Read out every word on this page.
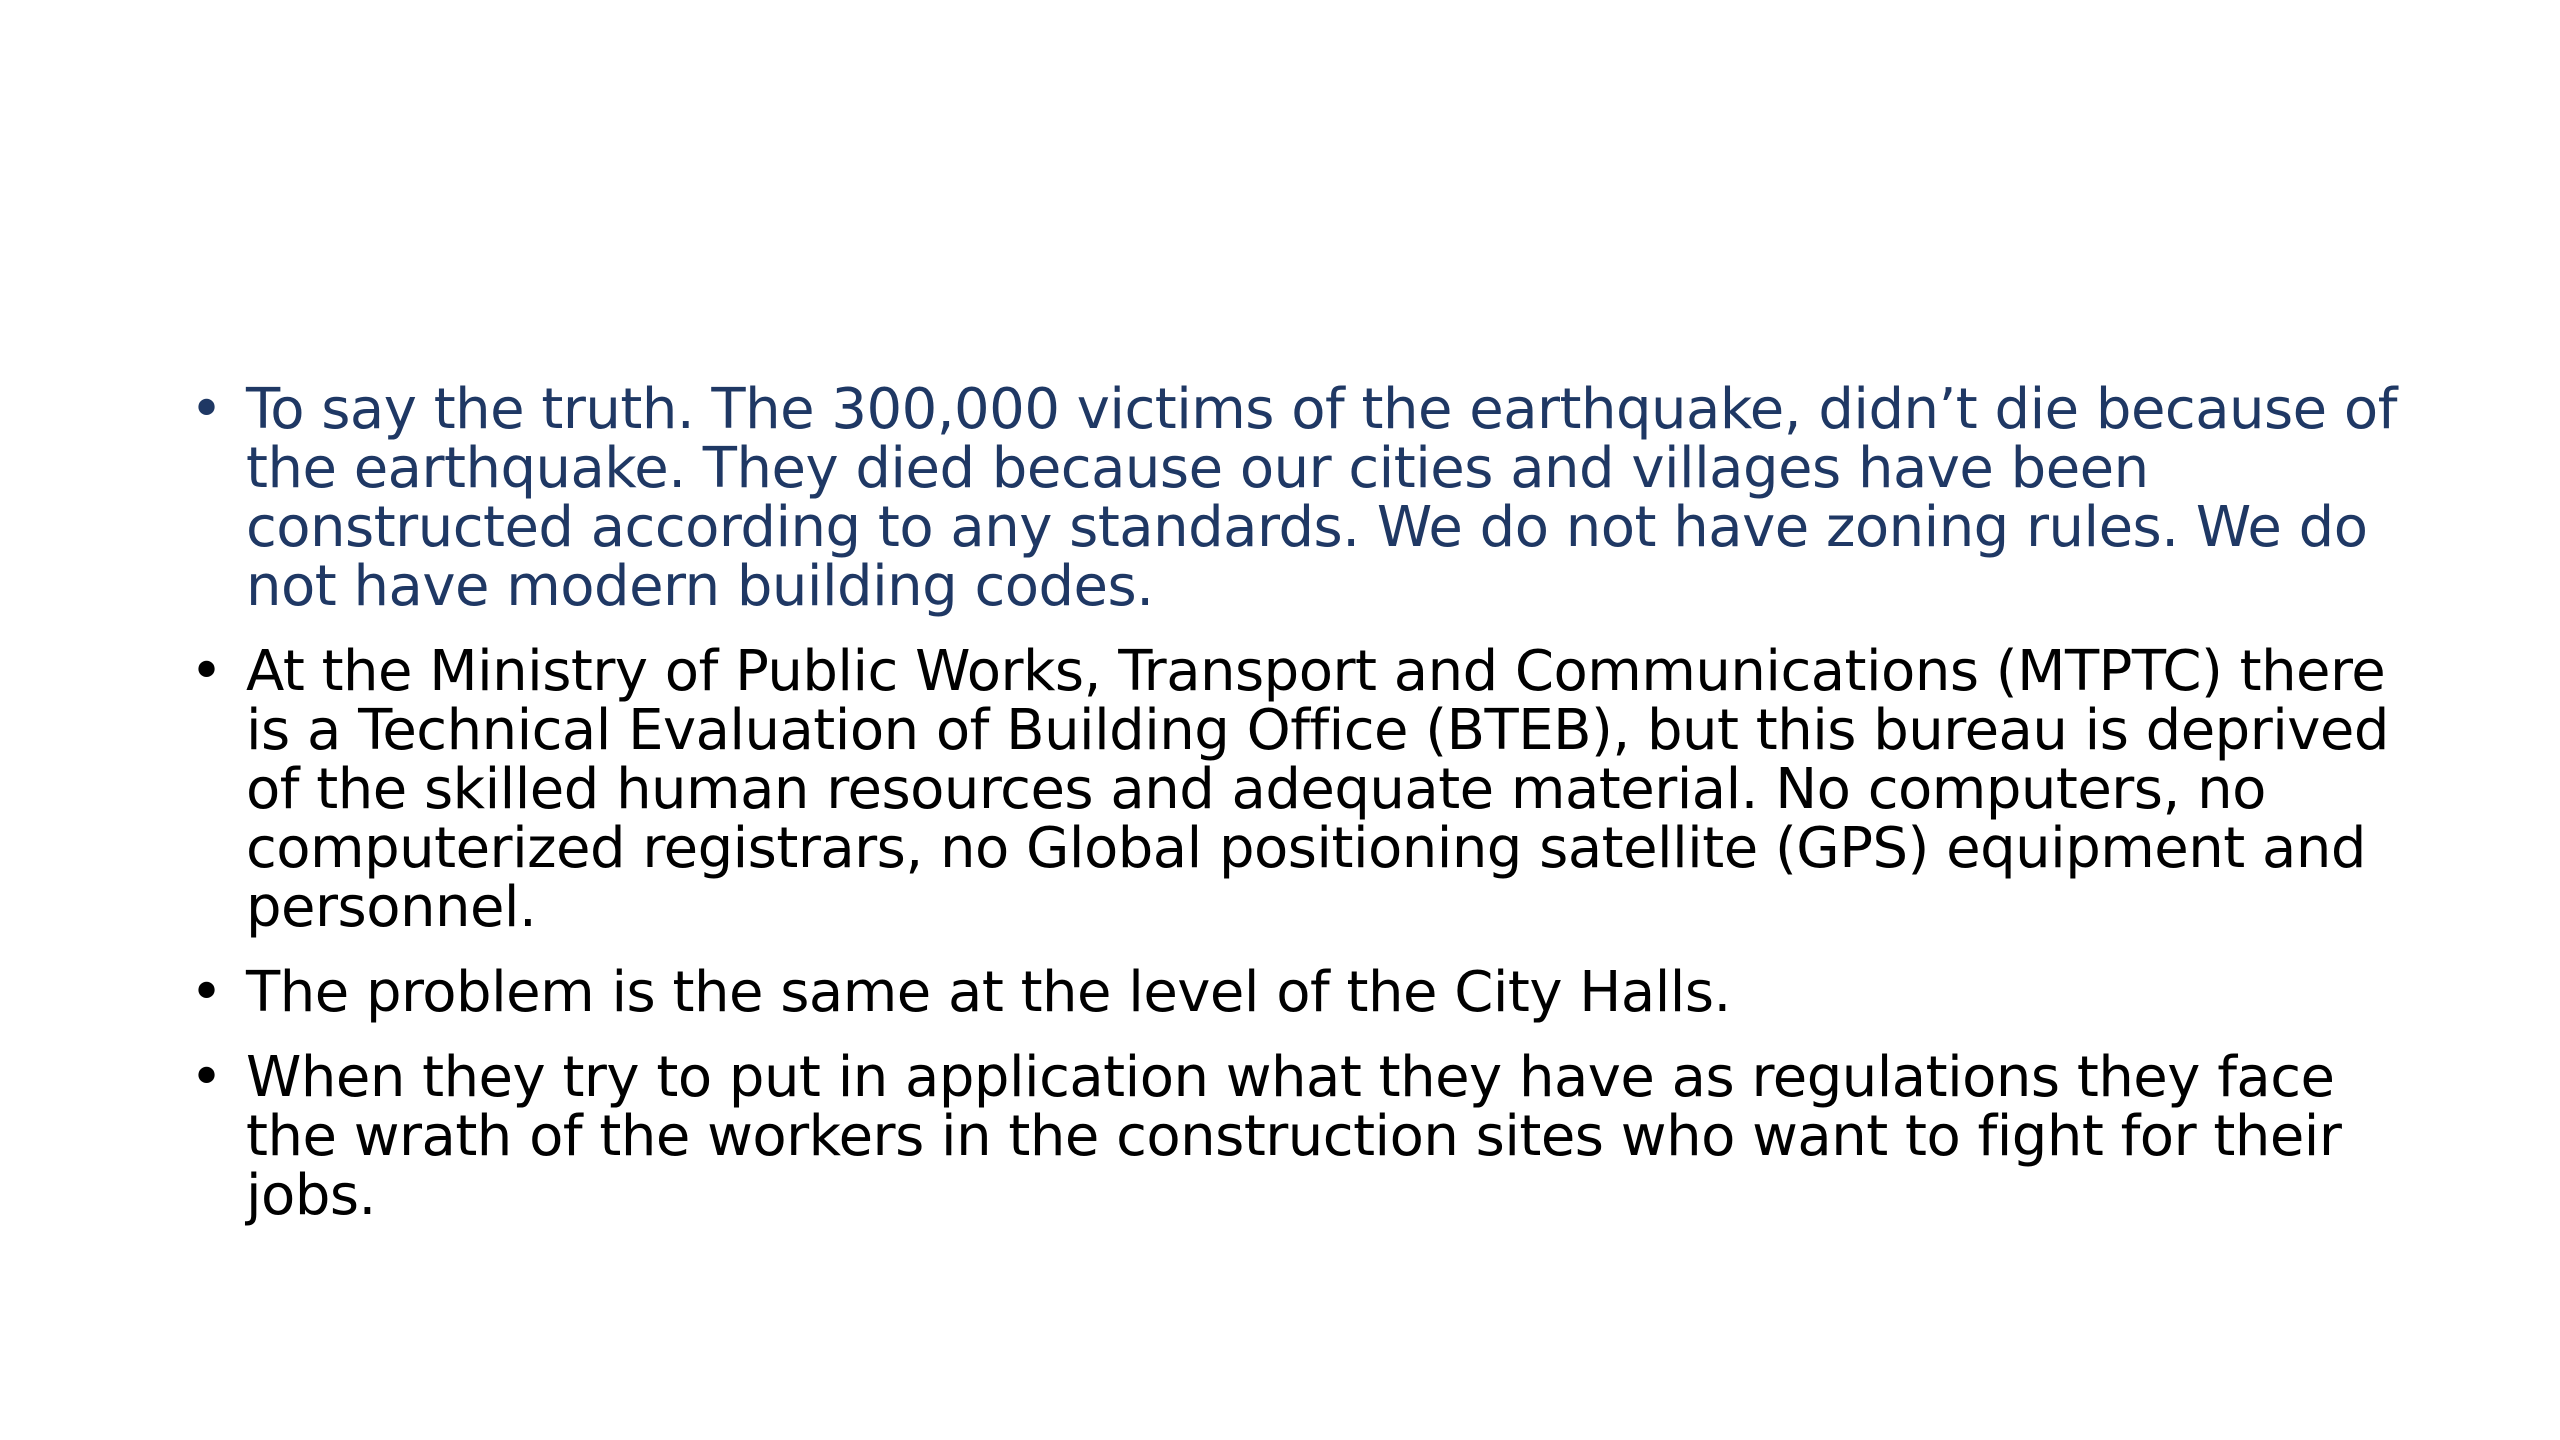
• To say the truth. The 300,000 victims of the earthquake, didn’t die because of the earthquake. They died because our cities and villages have been constructed according to any standards. We do not have zoning rules. We do not have modern building codes.
• At the Ministry of Public Works, Transport and Communications (MTPTC) there is a Technical Evaluation of Building Office (BTEB), but this bureau is deprived of the skilled human resources and adequate material. No computers, no computerized registrars, no Global positioning satellite (GPS) equipment and personnel.
• The problem is the same at the level of the City Halls.
• When they try to put in application what they have as regulations they face the wrath of the workers in the construction sites who want to fight for their jobs.
